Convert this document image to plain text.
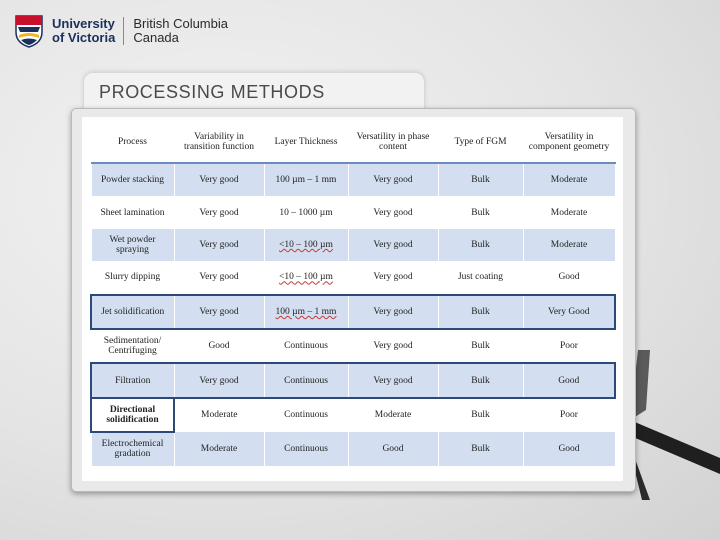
University
of Victoria
British Columbia
Canada
PROCESSING METHODS
Process	Variability in transition function	Layer Thickness	Versatility in phase content	Type of FGM	Versatility in component geometry
Powder stacking	Very good	100 µm – 1 mm	Very good	Bulk	Moderate
Sheet lamination	Very good	10 – 1000 µm	Very good	Bulk	Moderate
Wet powder spraying	Very good	<10 – 100 µm	Very good	Bulk	Moderate
Slurry dipping	Very good	<10 – 100 µm	Very good	Just coating	Good
Jet solidification	Very good	100 µm – 1 mm	Very good	Bulk	Very Good
Sedimentation/ Centrifuging	Good	Continuous	Very good	Bulk	Poor
Filtration	Very good	Continuous	Very good	Bulk	Good
Directional solidification	Moderate	Continuous	Moderate	Bulk	Poor
Electrochemical gradation	Moderate	Continuous	Good	Bulk	Good
